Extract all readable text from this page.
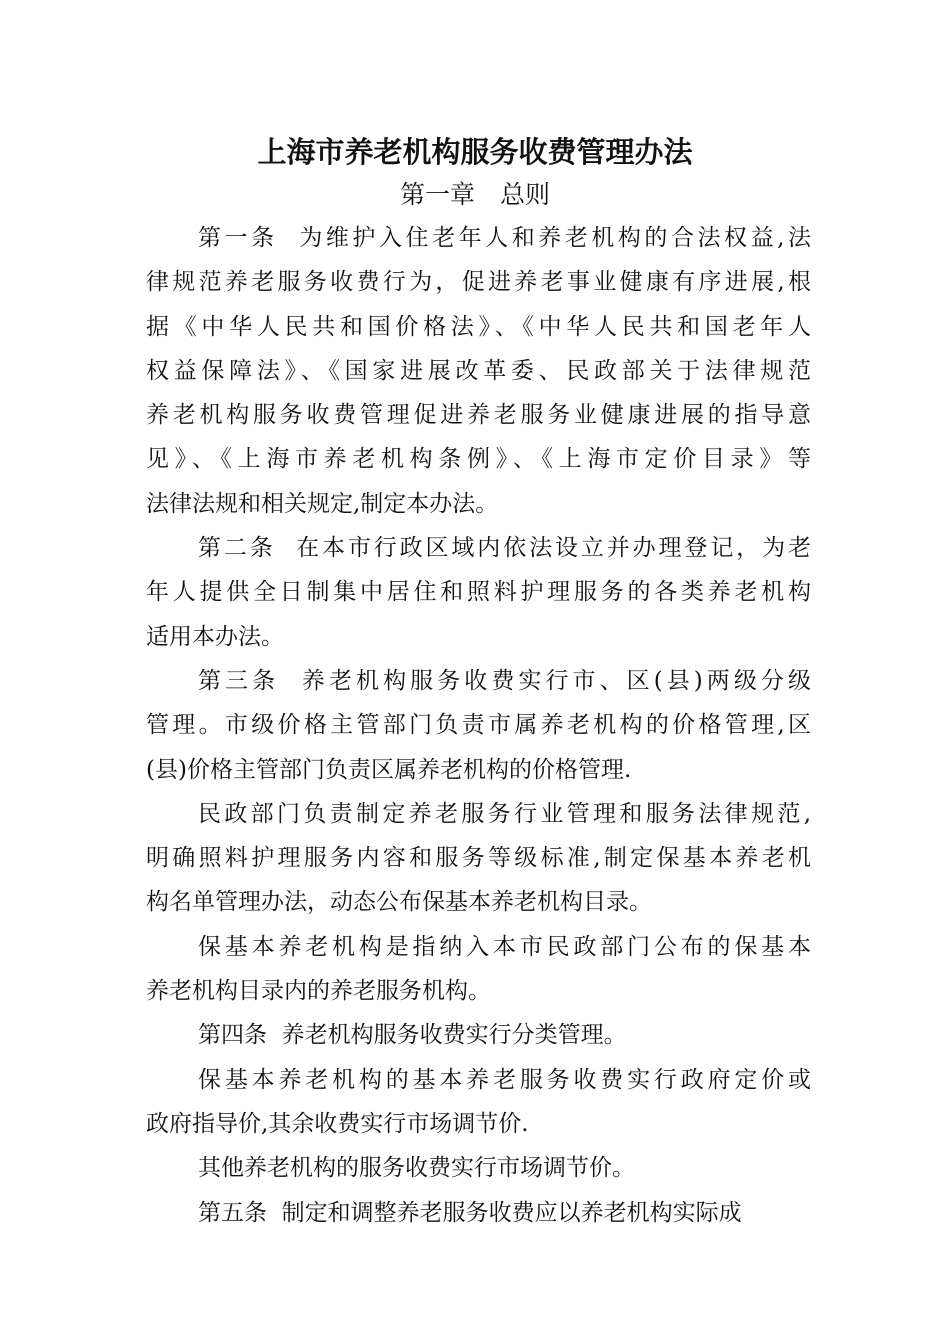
上海市养老机构服务收费管理办法
第一章　总则
第一条  为维护入住老年人和养老机构的合法权益,法
律规范养老服务收费行为，促进养老事业健康有序进展,根
据《中华人民共和国价格法》、《中华人民共和国老年人
权益保障法》、《国家进展改革委、民政部关于法律规范
养老机构服务收费管理促进养老服务业健康进展的指导意
见》、《上海市养老机构条例》、《上海市定价目录》等
法律法规和相关规定,制定本办法。
第二条  在本市行政区域内依法设立并办理登记，为老
年人提供全日制集中居住和照料护理服务的各类养老机构
适用本办法。
第三条  养老机构服务收费实行市、区(县)两级分级
管理。市级价格主管部门负责市属养老机构的价格管理,区
(县)价格主管部门负责区属养老机构的价格管理.
民政部门负责制定养老服务行业管理和服务法律规范,
明确照料护理服务内容和服务等级标准,制定保基本养老机
构名单管理办法，动态公布保基本养老机构目录。
保基本养老机构是指纳入本市民政部门公布的保基本
养老机构目录内的养老服务机构。
第四条  养老机构服务收费实行分类管理。
保基本养老机构的基本养老服务收费实行政府定价或
政府指导价,其余收费实行市场调节价.
其他养老机构的服务收费实行市场调节价。
第五条  制定和调整养老服务收费应以养老机构实际成
